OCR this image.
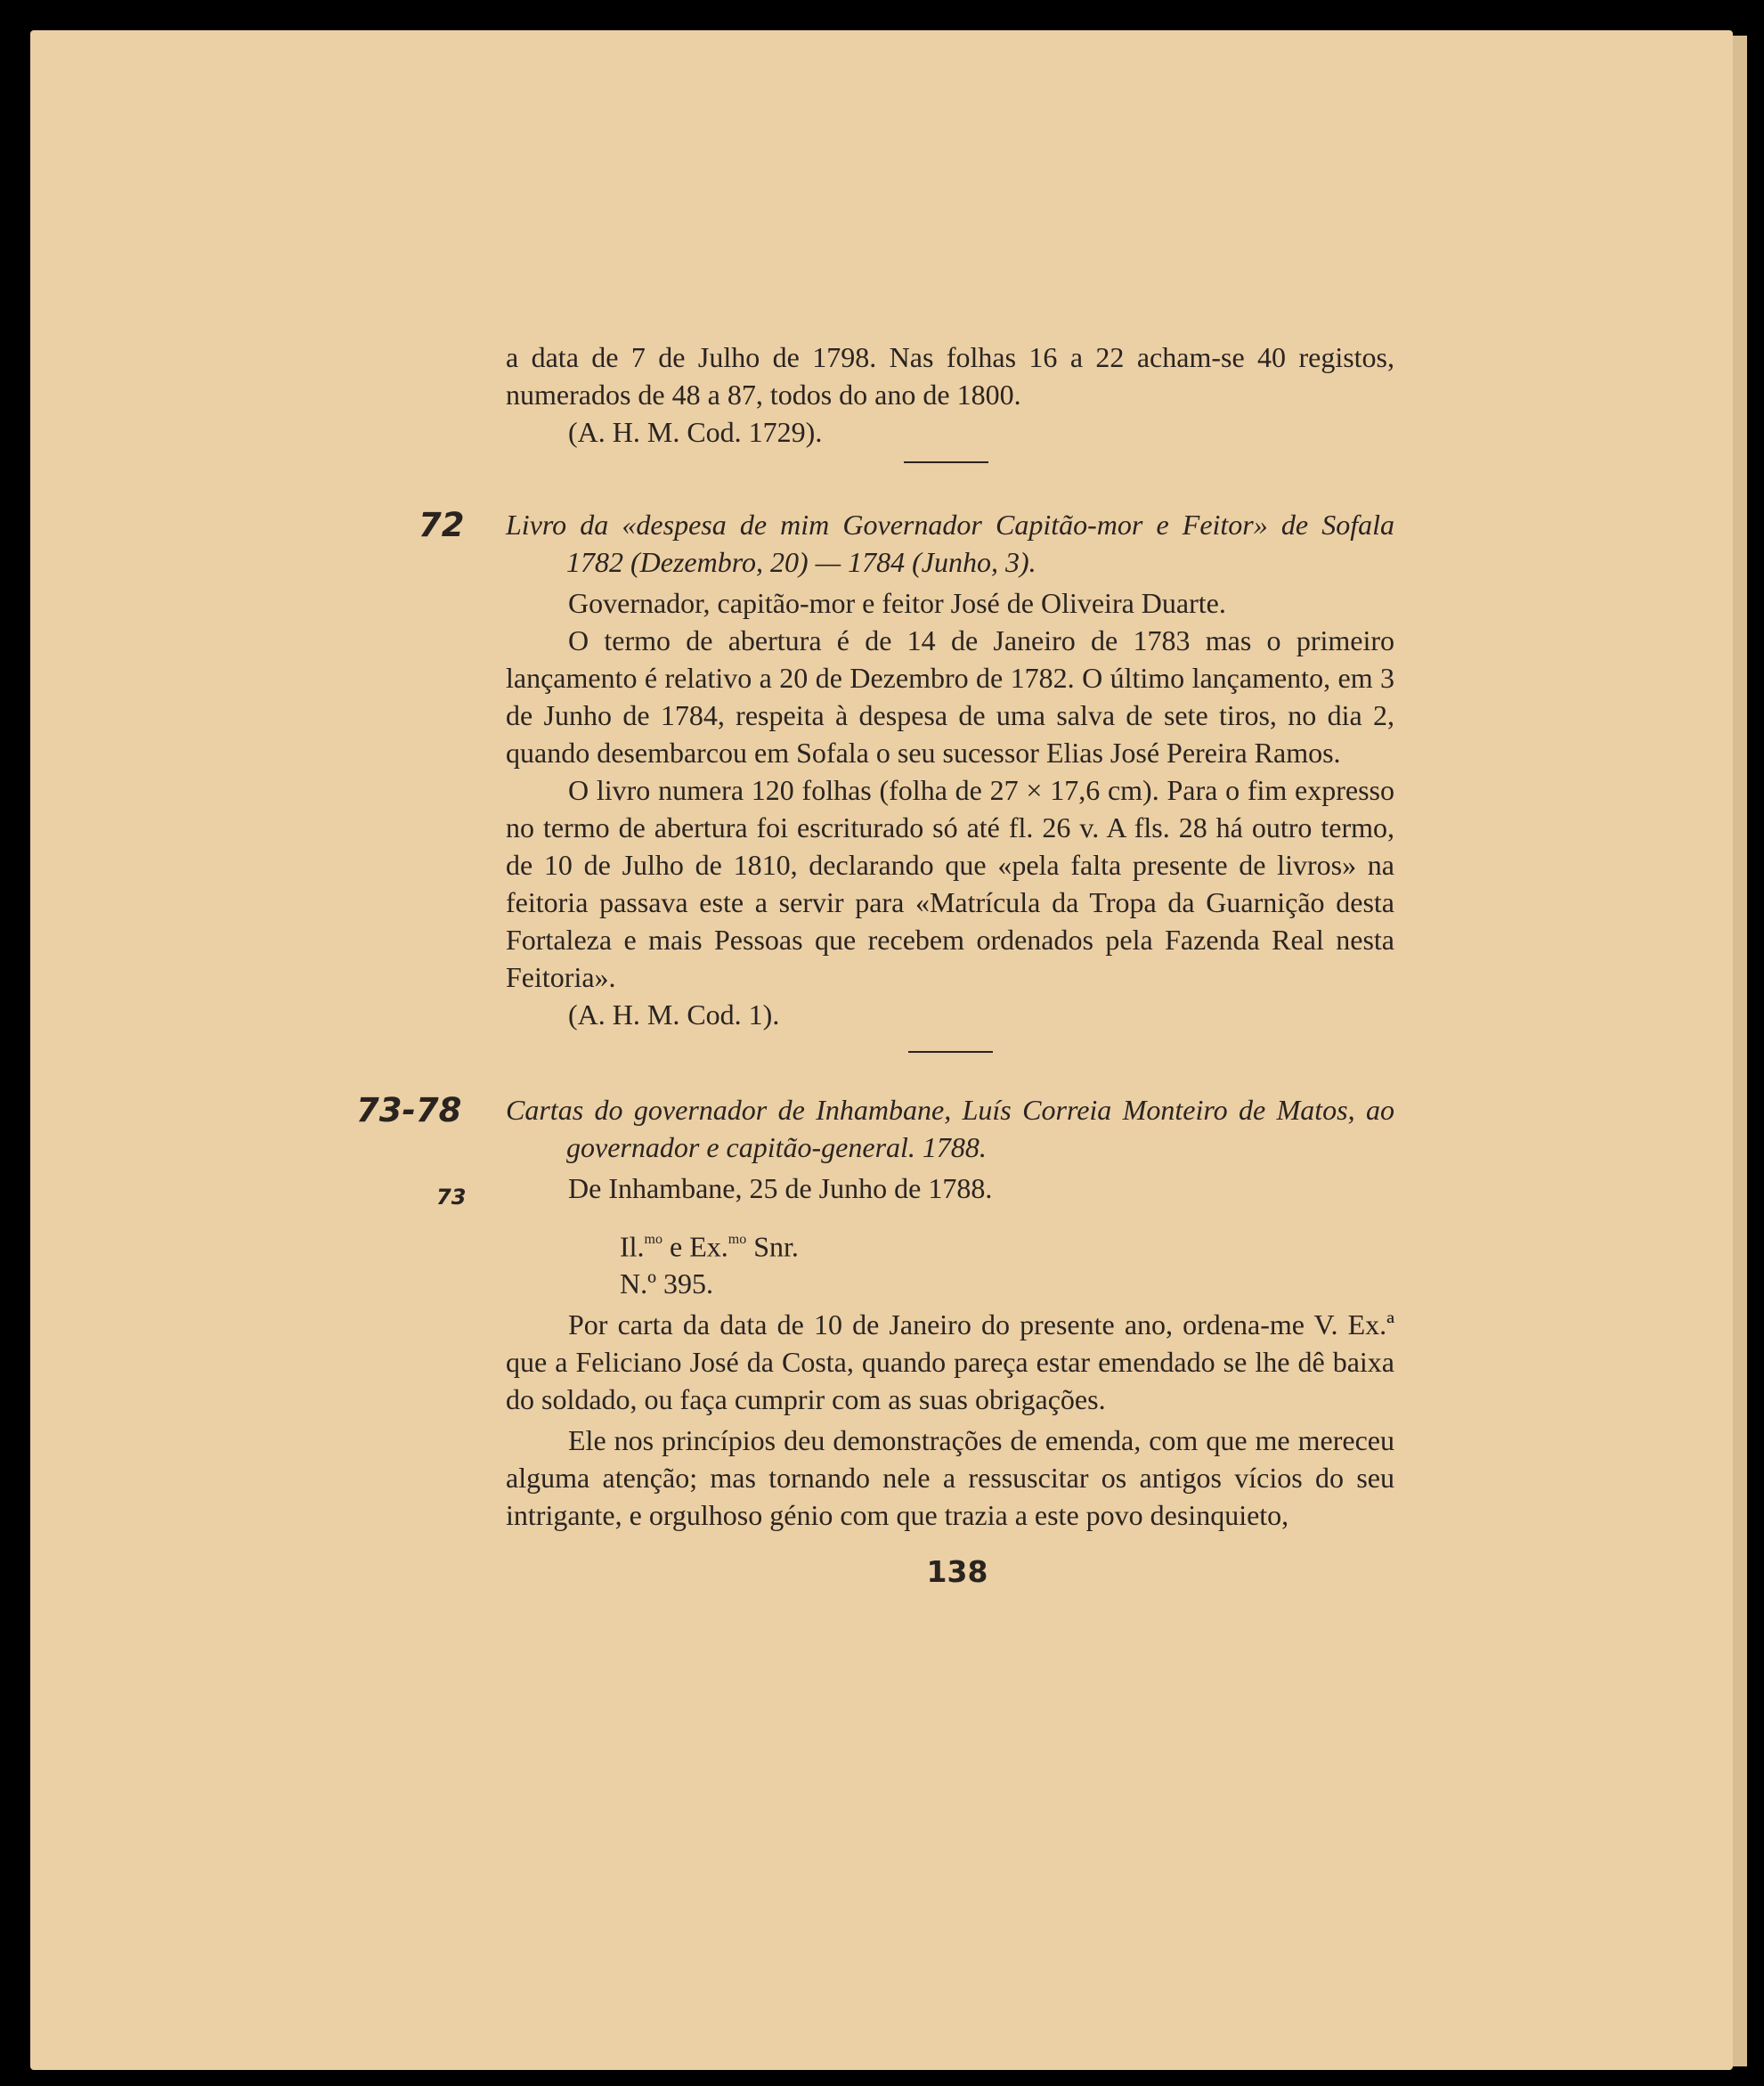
a data de 7 de Julho de 1798. Nas folhas 16 a 22 acham-se 40 registos, numerados de 48 a 87, todos do ano de 1800.

(A. H. M. Cod. 1729).

72 Livro da «despesa de mim Governador Capitão-mor e Feitor» de Sofala 1782 (Dezembro, 20) — 1784 (Junho, 3).

Governador, capitão-mor e feitor José de Oliveira Duarte.

O termo de abertura é de 14 de Janeiro de 1783 mas o primeiro lançamento é relativo a 20 de Dezembro de 1782. O último lançamento, em 3 de Junho de 1784, respeita à despesa de uma salva de sete tiros, no dia 2, quando desembarcou em Sofala o seu sucessor Elias José Pereira Ramos.

O livro numera 120 folhas (folha de 27 × 17,6 cm). Para o fim expresso no termo de abertura foi escriturado só até fl. 26 v. A fls. 28 há outro termo, de 10 de Julho de 1810, declarando que «pela falta presente de livros» na feitoria passava este a servir para «Matrícula da Tropa da Guarnição desta Fortaleza e mais Pessoas que recebem ordenados pela Fazenda Real nesta Feitoria».

(A. H. M. Cod. 1).

73-78
73

Cartas do governador de Inhambane, Luís Correia Monteiro de Matos, ao governador e capitão-general. 1788.

De Inhambane, 25 de Junho de 1788.

Il.$^{mo}$ e Ex.$^{mo}$ Snr.

N.º 395.

Por carta da data de 10 de Janeiro do presente ano, ordena-me V. Ex.ª que a Feliciano José da Costa, quando pareça estar emendado se lhe dê baixa do soldado, ou faça cumprir com as suas obrigações.

Ele nos princípios deu demonstrações de emenda, com que me mereceu alguma atenção; mas tornando nele a ressuscitar os antigos vícios do seu intrigante, e orgulhoso génio com que trazia a este povo desinquieto,

138
